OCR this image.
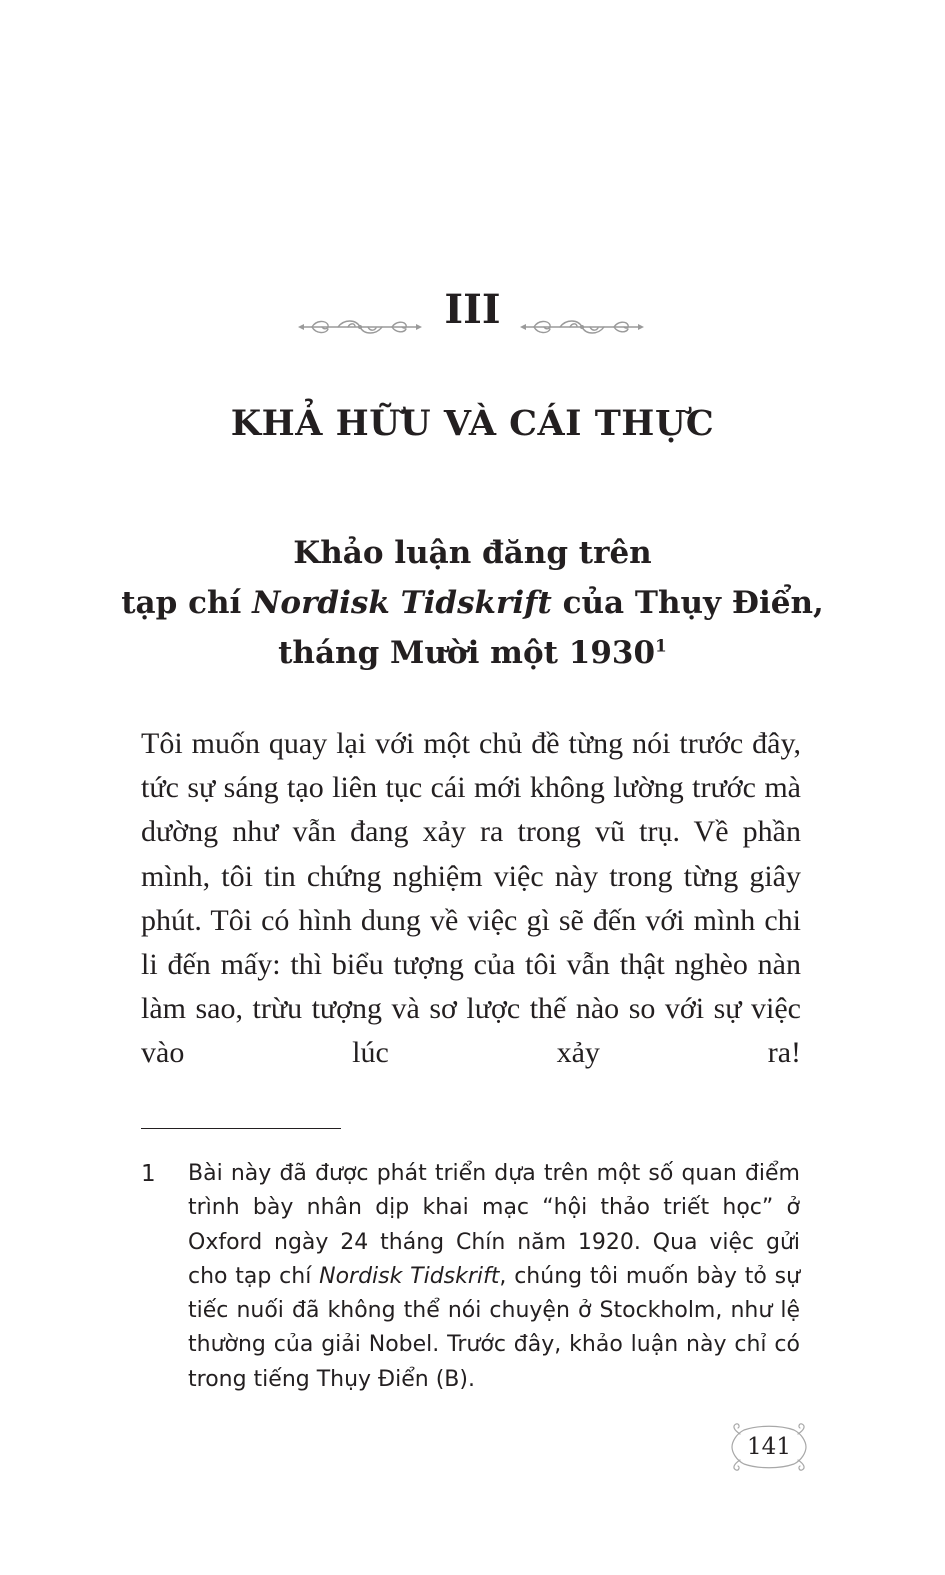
III
KHẢ HỮU VÀ CÁI THỰC
Khảo luận đăng trên
tạp chí Nordisk Tidskrift của Thụy Điển,
tháng Mười một 1930$^1$

Tôi muốn quay lại với một chủ đề từng nói trước đây, tức sự sáng tạo liên tục cái mới không lường trước mà dường như vẫn đang xảy ra trong vũ trụ. Về phần mình, tôi tin chứng nghiệm việc này trong từng giây phút. Tôi có hình dung về việc gì sẽ đến với mình chi li đến mấy: thì biểu tượng của tôi vẫn thật nghèo nàn làm sao, trừu tượng và sơ lược thế nào so với sự việc vào lúc xảy ra!

1 Bài này đã được phát triển dựa trên một số quan điểm trình bày nhân dịp khai mạc “hội thảo triết học” ở Oxford ngày 24 tháng Chín năm 1920. Qua việc gửi cho tạp chí Nordisk Tidskrift, chúng tôi muốn bày tỏ sự tiếc nuối đã không thể nói chuyện ở Stockholm, như lệ thường của giải Nobel. Trước đây, khảo luận này chỉ có trong tiếng Thụy Điển (B).

141
